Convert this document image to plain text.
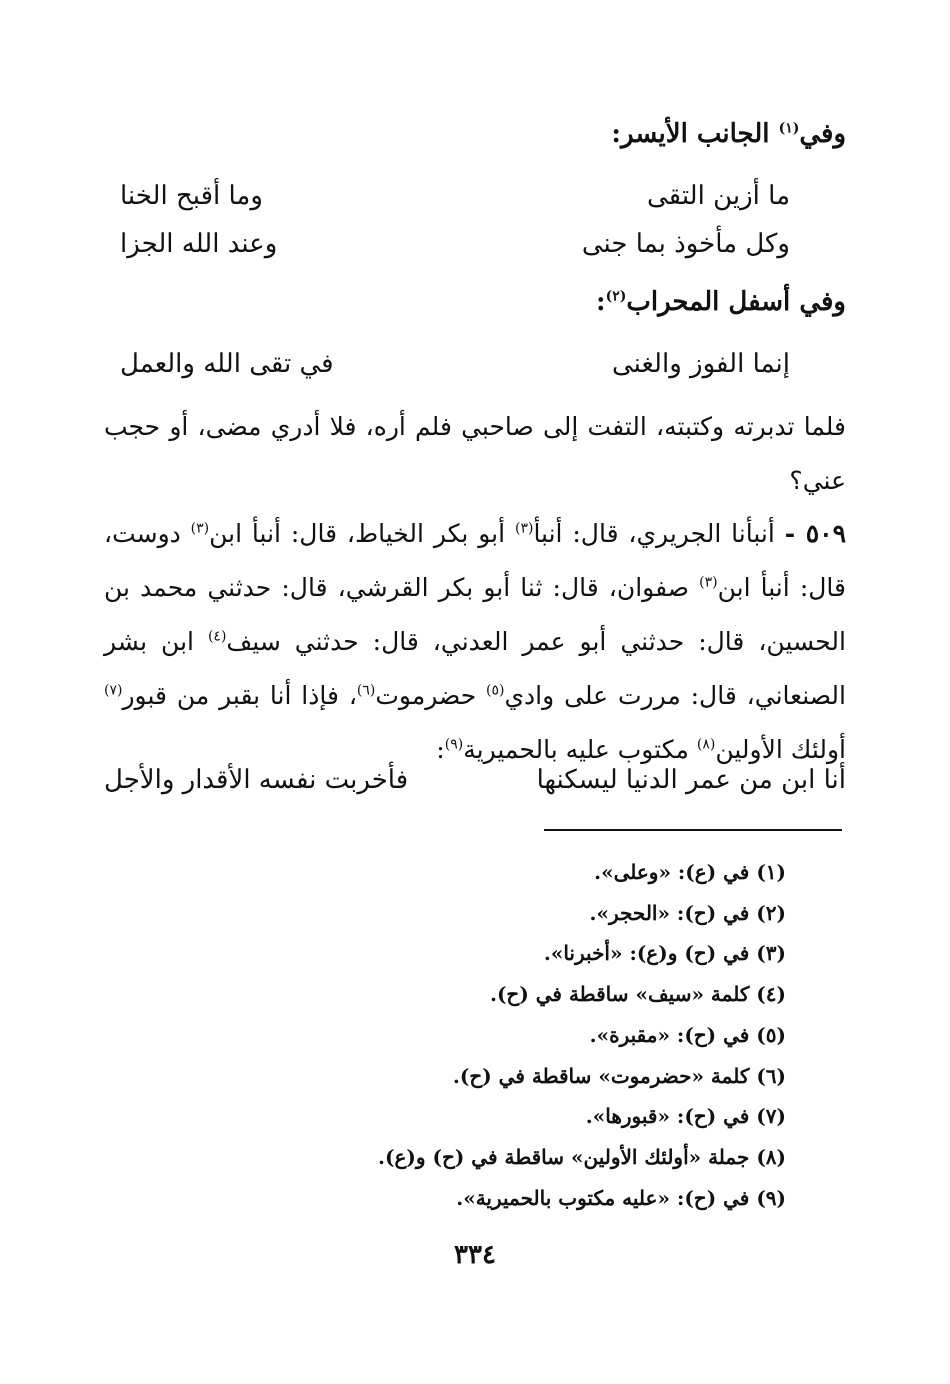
وفي$^{(١)}$ الجانب الأيسر:
ما أزين التقى
وما أقبح الخنا
وكل مأخوذ بما جنى
وعند الله الجزا
وفي أسفل المحراب$^{(٢)}$:
إنما الفوز والغنى
في تقى الله والعمل

فلما تدبرته وكتبته، التفت إلى صاحبي فلم أره، فلا أدري مضى، أو حجب عني؟

٥٠٩ - أنبأنا الجريري، قال: أنبأ$^{(٣)}$ أبو بكر الخياط، قال: أنبأ ابن$^{(٣)}$ دوست، قال: أنبأ ابن$^{(٣)}$ صفوان، قال: ثنا أبو بكر القرشي، قال: حدثني محمد بن الحسين، قال: حدثني أبو عمر العدني، قال: حدثني سيف$^{(٤)}$ ابن بشر الصنعاني، قال: مررت على وادي$^{(٥)}$ حضرموت$^{(٦)}$، فإذا أنا بقبر من قبور$^{(٧)}$ أولئك الأولين$^{(٨)}$ مكتوب عليه بالحميرية$^{(٩)}$:

أنا ابن من عمر الدنيا ليسكنها
فأخربت نفسه الأقدار والأجل
(١) في (ع): «وعلى».
(٢) في (ح): «الحجر».
(٣) في (ح) و(ع): «أخبرنا».
(٤) كلمة «سيف» ساقطة في (ح).
(٥) في (ح): «مقبرة».
(٦) كلمة «حضرموت» ساقطة في (ح).
(٧) في (ح): «قبورها».
(٨) جملة «أولئك الأولين» ساقطة في (ح) و(ع).
(٩) في (ح): «عليه مكتوب بالحميرية».
٣٣٤
